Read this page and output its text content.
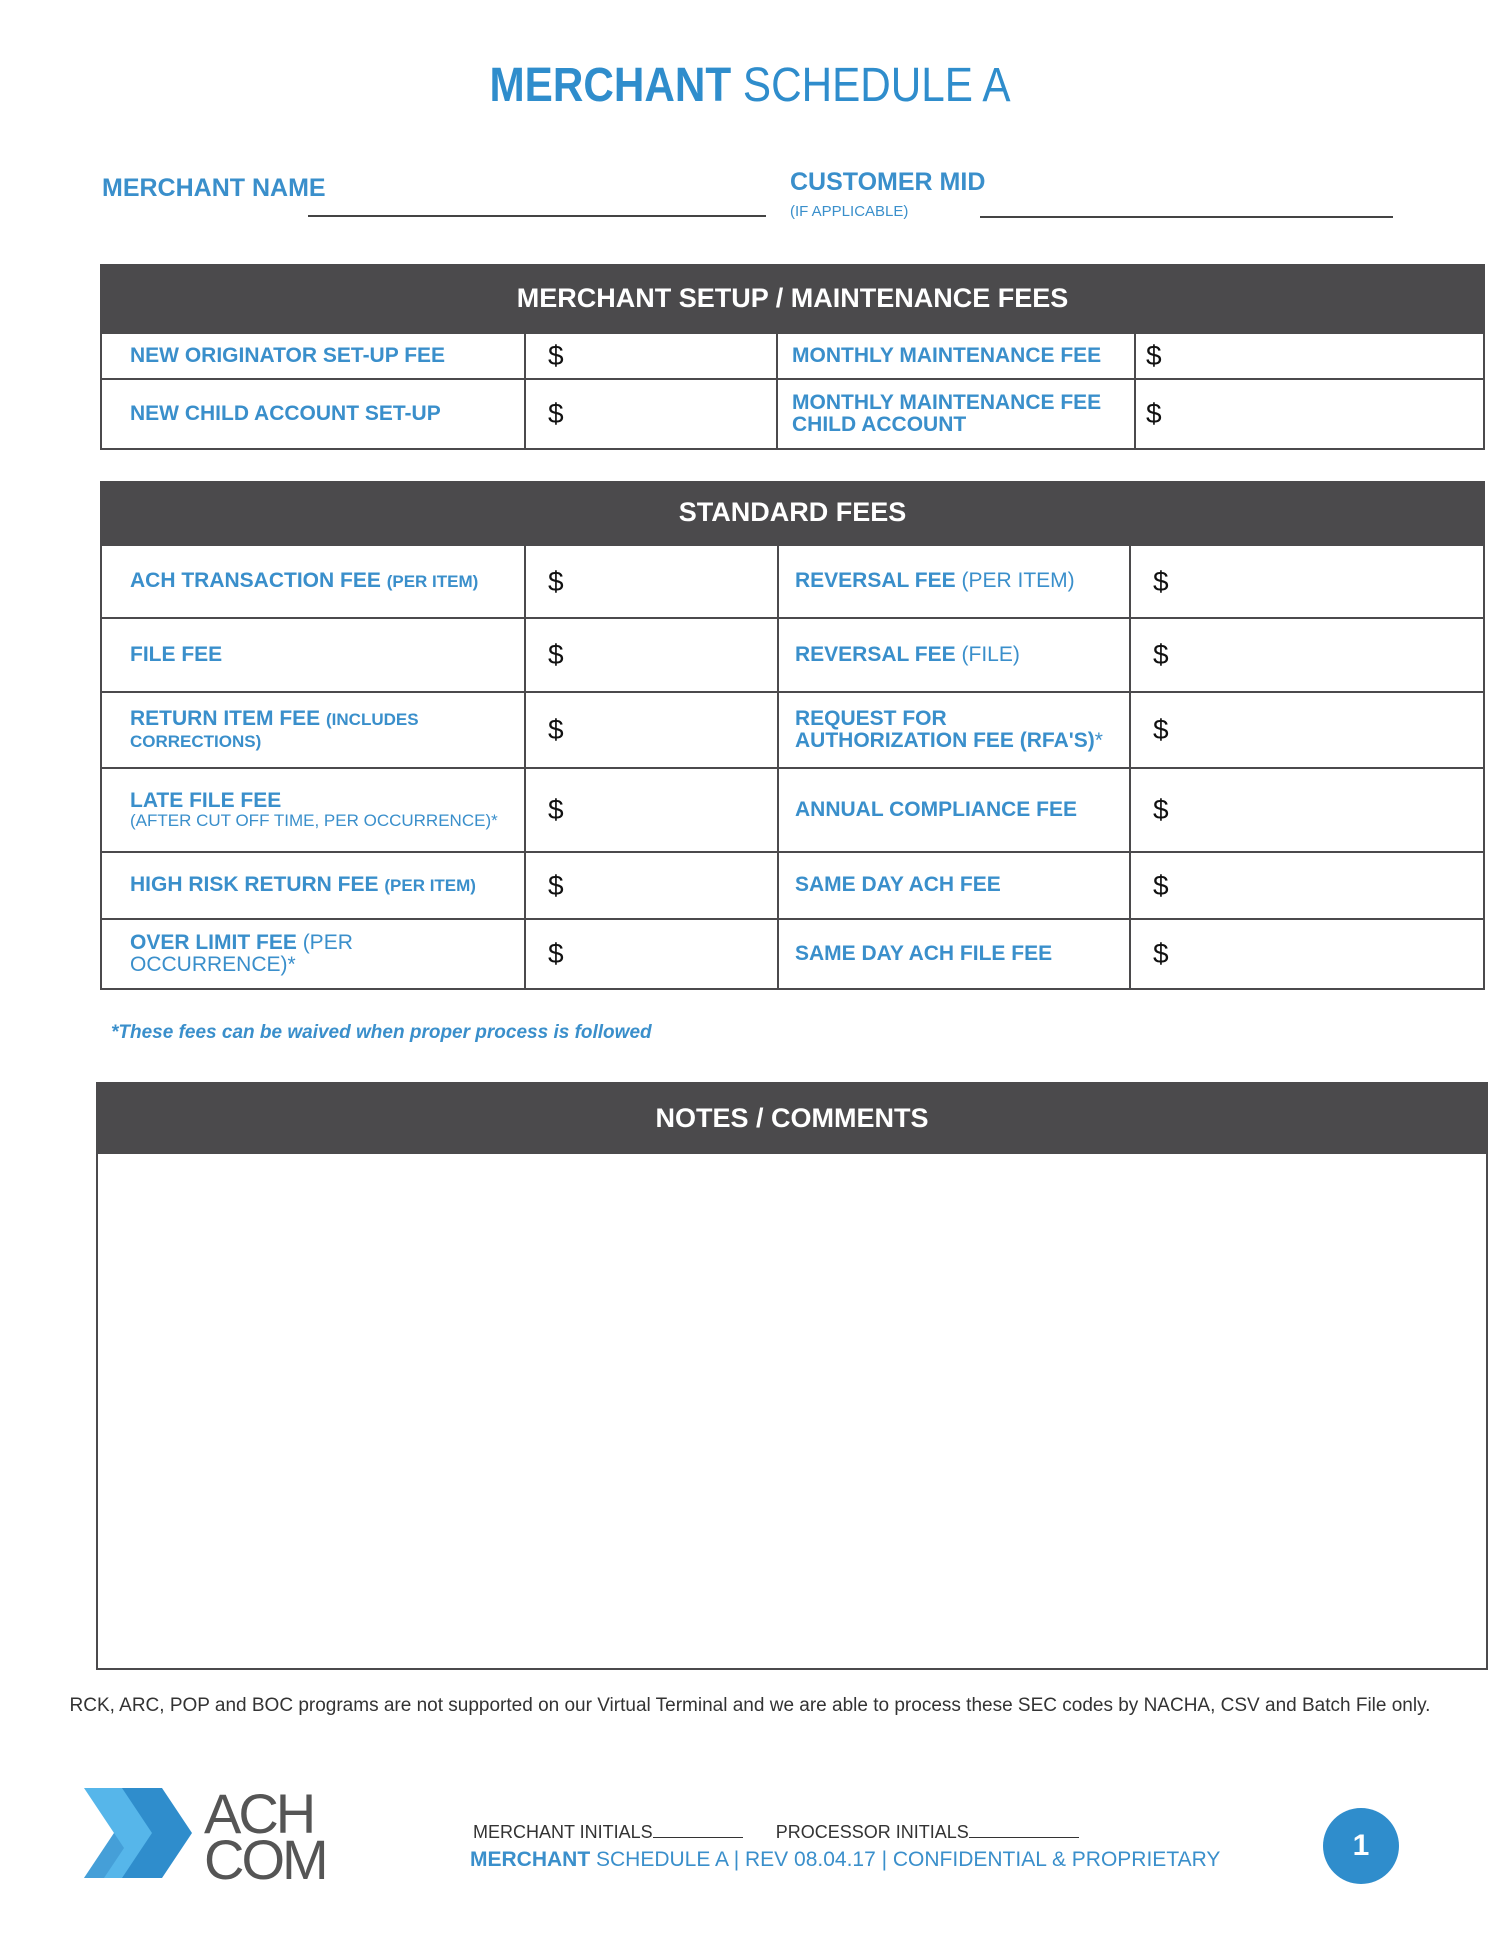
MERCHANT SCHEDULE A
MERCHANT NAME	CUSTOMER MID
(IF APPLICABLE)
MERCHANT SETUP / MAINTENANCE FEES
NEW ORIGINATOR SET-UP FEE	$	MONTHLY MAINTENANCE FEE	$
NEW CHILD ACCOUNT SET-UP	$	MONTHLY MAINTENANCE FEE CHILD ACCOUNT	$
STANDARD FEES
ACH TRANSACTION FEE (PER ITEM)	$	REVERSAL FEE (PER ITEM)	$
FILE FEE	$	REVERSAL FEE (FILE)	$
RETURN ITEM FEE (INCLUDES CORRECTIONS)	$	REQUEST FOR AUTHORIZATION FEE (RFA'S)*	$

LATE FILE FEE
(AFTER CUT OFF TIME, PER OCCURRENCE)*	$	ANNUAL COMPLIANCE FEE	$
HIGH RISK RETURN FEE (PER ITEM)	$	SAME DAY ACH FEE	$
OVER LIMIT FEE (PER OCCURRENCE)*	$	SAME DAY ACH FILE FEE	$
*These fees can be waived when proper process is followed
NOTES / COMMENTS
RCK, ARC, POP and BOC programs are not supported on our Virtual Terminal and we are able to process these SEC codes by NACHA, CSV and Batch File only.
ACH
COM	MERCHANT INITIALS	PROCESSOR INITIALS
MERCHANT SCHEDULE A | REV 08.04.17 | CONFIDENTIAL & PROPRIETARY	1
